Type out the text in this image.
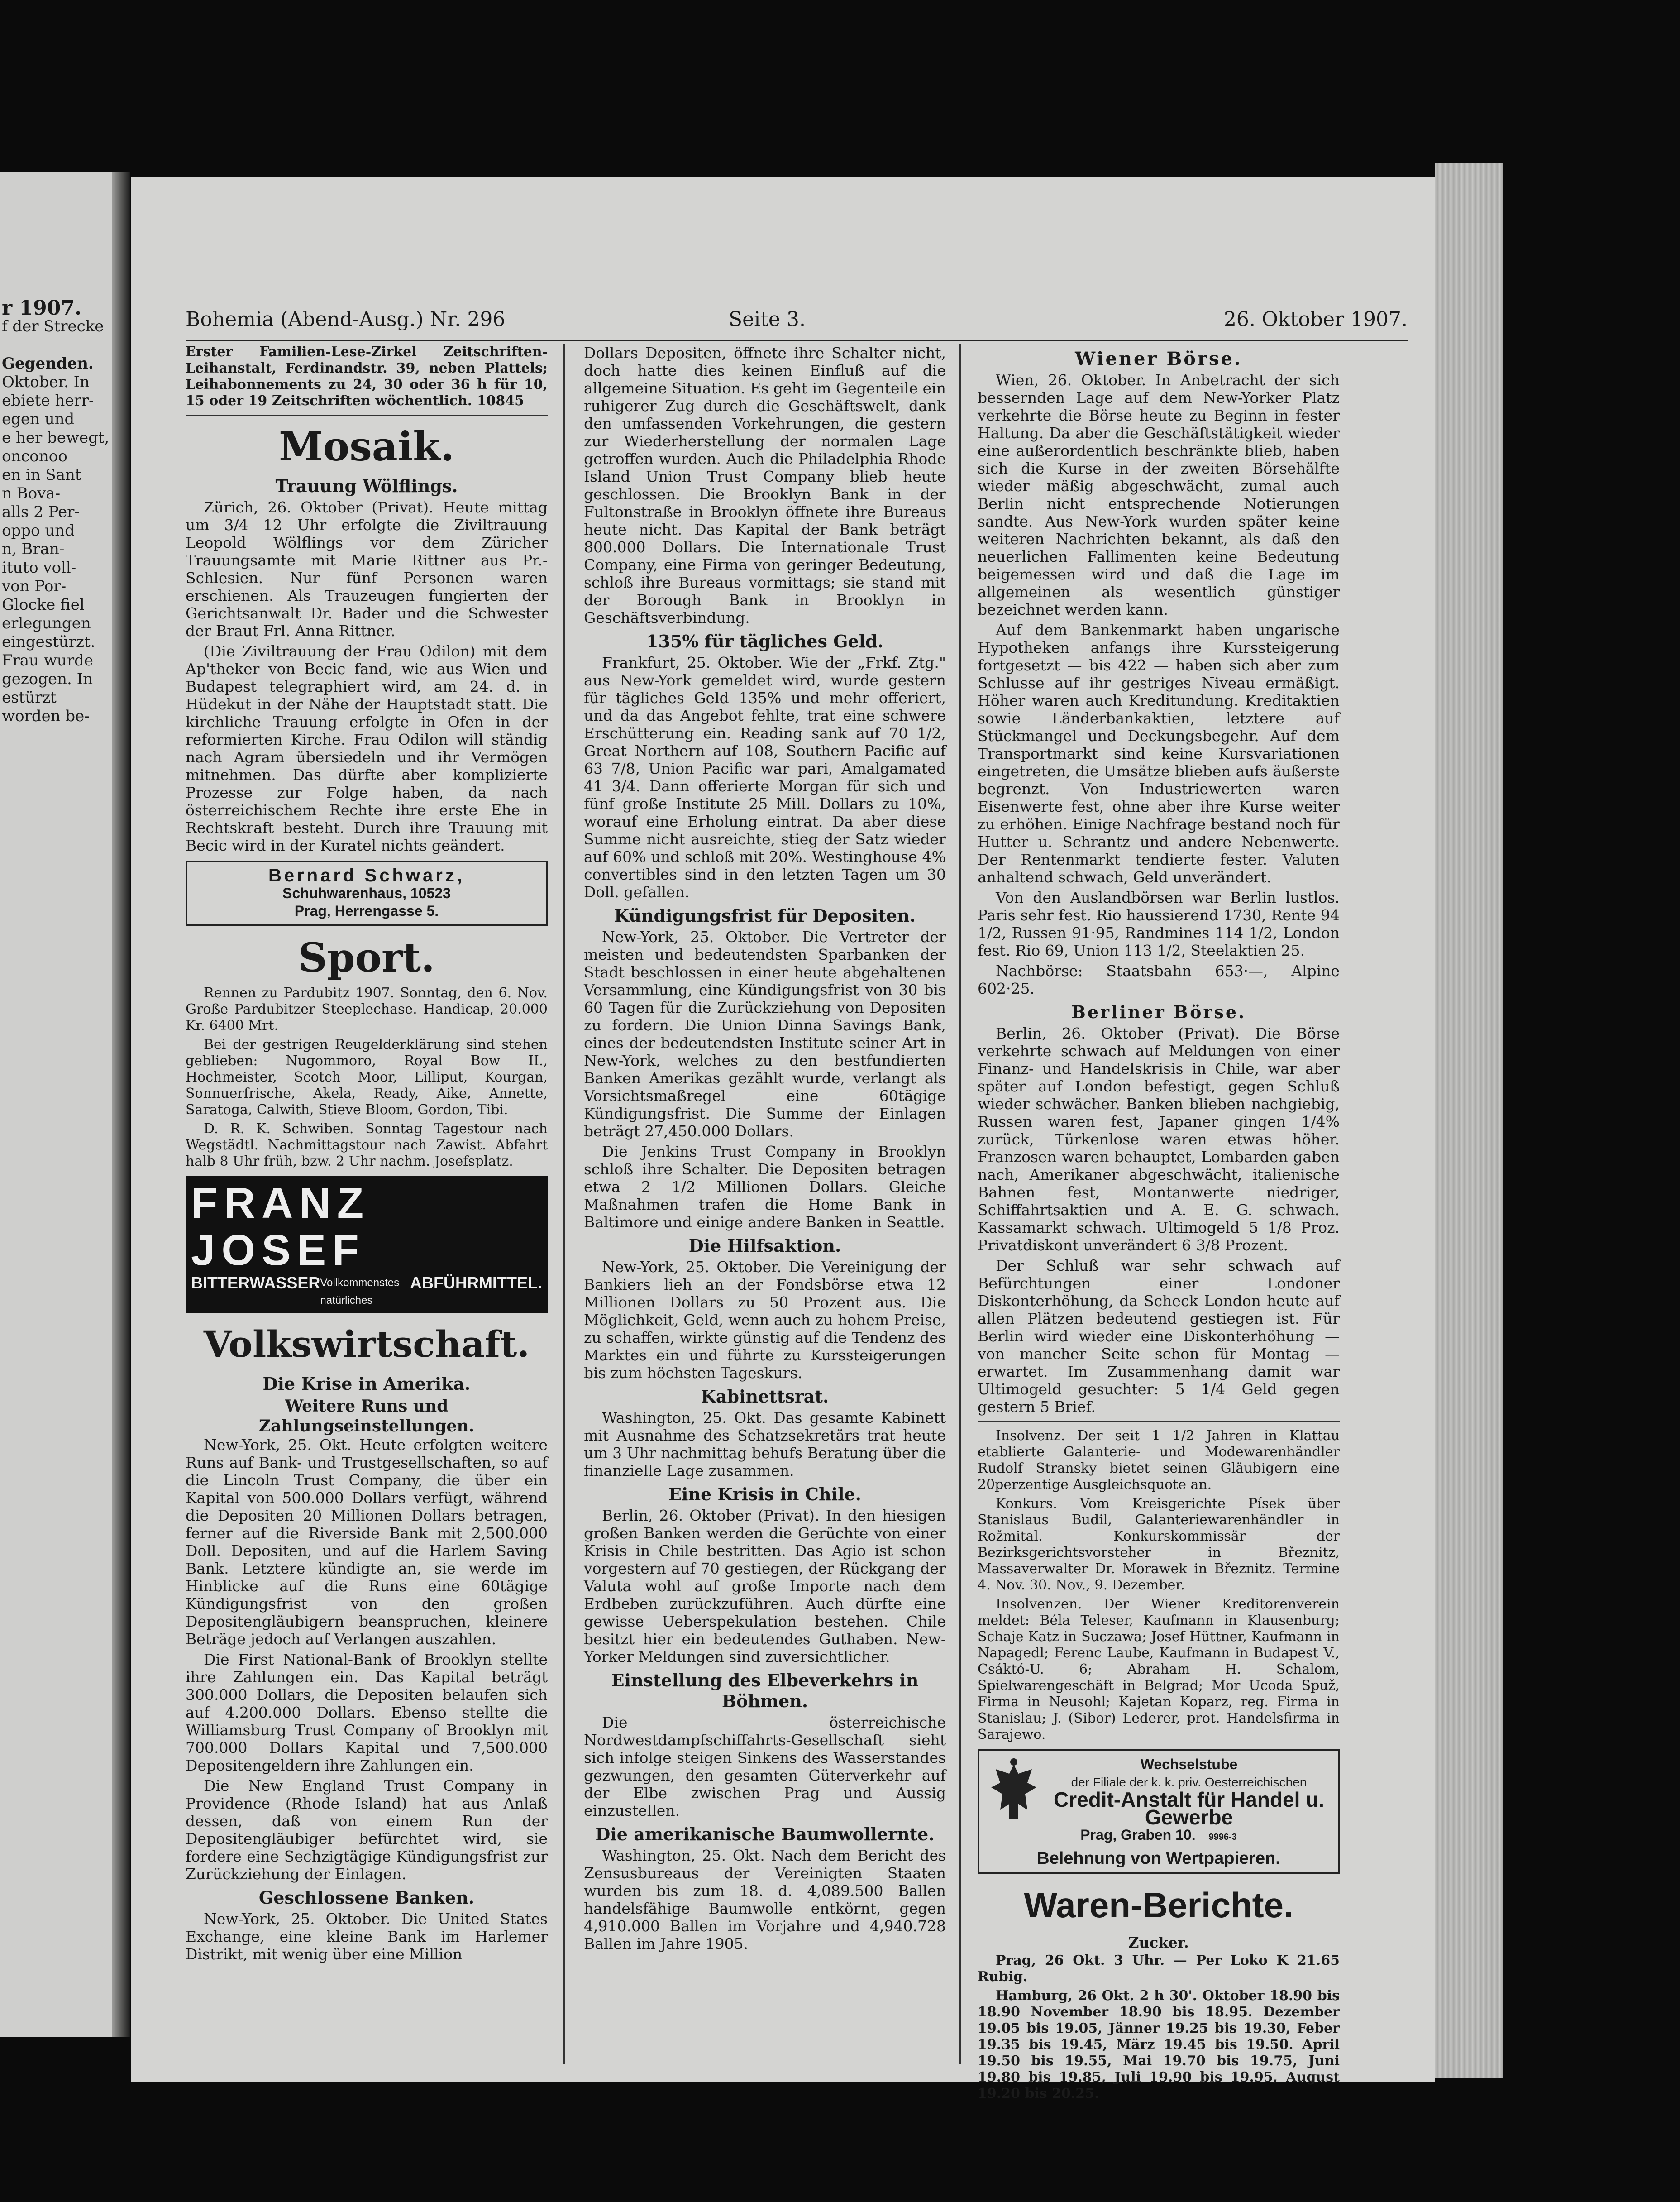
r 1907.
f der Strecke

Gegenden.
Oktober. In
ebiete herr-
egen und
e her bewegt,
onconoo
en in Sant
n Bova-
alls 2 Per-
oppo und
n, Bran-
ituto voll-
von Por-
Glocke fiel
erlegungen
eingestürzt.
Frau wurde
gezogen. In
estürzt
worden be-
Bohemia (Abend-Ausg.) Nr. 296	Seite 3.	26. Oktober 1907.
Erster Familien-Lese-Zirkel Zeitschriften-Leihanstalt, Ferdinandstr. 39, neben Plattels; Leihabonnements zu 24, 30 oder 36 h für 10, 15 oder 19 Zeitschriften wöchentlich. 10845
Mosaik.
Trauung Wölflings.

Zürich, 26. Oktober (Privat). Heute mittag um 3/4 12 Uhr erfolgte die Ziviltrauung Leopold Wölflings vor dem Züricher Trauungsamte mit Marie Rittner aus Pr.-Schlesien. Nur fünf Personen waren erschienen. Als Trauzeugen fungierten der Gerichtsanwalt Dr. Bader und die Schwester der Braut Frl. Anna Rittner.

(Die Ziviltrauung der Frau Odilon) mit dem Ap'theker von Becic fand, wie aus Wien und Budapest telegraphiert wird, am 24. d. in Hüdekut in der Nähe der Hauptstadt statt. Die kirchliche Trauung erfolgte in Ofen in der reformierten Kirche. Frau Odilon will ständig nach Agram übersiedeln und ihr Vermögen mitnehmen. Das dürfte aber komplizierte Prozesse zur Folge haben, da nach österreichischem Rechte ihre erste Ehe in Rechtskraft besteht. Durch ihre Trauung mit Becic wird in der Kuratel nichts geändert.

Bernard Schwarz,
Schuhwarenhaus, 10523
Prag, Herrengasse 5.
Sport.

Rennen zu Pardubitz 1907. Sonntag, den 6. Nov. Große Pardubitzer Steeplechase. Handicap, 20.000 Kr. 6400 Mrt.

Bei der gestrigen Reugelderklärung sind stehen geblieben: Nugommoro, Royal Bow II., Hochmeister, Scotch Moor, Lilliput, Kourgan, Sonnuerfrische, Akela, Ready, Aike, Annette, Saratoga, Calwith, Stieve Bloom, Gordon, Tibi.

D. R. K. Schwiben. Sonntag Tagestour nach Wegstädtl. Nachmittagstour nach Zawist. Abfahrt halb 8 Uhr früh, bzw. 2 Uhr nachm. Josefsplatz.

FRANZ JOSEF
BITTERWASSER Vollkommenstes natürliches
ABFÜHRMITTEL.
Volkswirtschaft.
Die Krise in Amerika.
Weitere Runs und Zahlungseinstellungen.

New-York, 25. Okt. Heute erfolgten weitere Runs auf Bank- und Trustgesellschaften, so auf die Lincoln Trust Company, die über ein Kapital von 500.000 Dollars verfügt, während die Depositen 20 Millionen Dollars betragen, ferner auf die Riverside Bank mit 2,500.000 Doll. Depositen, und auf die Harlem Saving Bank. Letztere kündigte an, sie werde im Hinblicke auf die Runs eine 60tägige Kündigungsfrist von den großen Depositengläubigern beanspruchen, kleinere Beträge jedoch auf Verlangen auszahlen.

Die First National-Bank of Brooklyn stellte ihre Zahlungen ein. Das Kapital beträgt 300.000 Dollars, die Depositen belaufen sich auf 4.200.000 Dollars. Ebenso stellte die Williamsburg Trust Company of Brooklyn mit 700.000 Dollars Kapital und 7,500.000 Depositengeldern ihre Zahlungen ein.

Die New England Trust Company in Providence (Rhode Island) hat aus Anlaß dessen, daß von einem Run der Depositengläubiger befürchtet wird, sie fordere eine Sechzigtägige Kündigungsfrist zur Zurückziehung der Einlagen.

Geschlossene Banken.

New-York, 25. Oktober. Die United States Exchange, eine kleine Bank im Harlemer Distrikt, mit wenig über eine Million

Dollars Depositen, öffnete ihre Schalter nicht, doch hatte dies keinen Einfluß auf die allgemeine Situation. Es geht im Gegenteile ein ruhigerer Zug durch die Geschäftswelt, dank den umfassenden Vorkehrungen, die gestern zur Wiederherstellung der normalen Lage getroffen wurden. Auch die Philadelphia Rhode Island Union Trust Company blieb heute geschlossen. Die Brooklyn Bank in der Fultonstraße in Brooklyn öffnete ihre Bureaus heute nicht. Das Kapital der Bank beträgt 800.000 Dollars. Die Internationale Trust Company, eine Firma von geringer Bedeutung, schloß ihre Bureaus vormittags; sie stand mit der Borough Bank in Brooklyn in Geschäftsverbindung.

135% für tägliches Geld.

Frankfurt, 25. Oktober. Wie der „Frkf. Ztg." aus New-York gemeldet wird, wurde gestern für tägliches Geld 135% und mehr offeriert, und da das Angebot fehlte, trat eine schwere Erschütterung ein. Reading sank auf 70 1/2, Great Northern auf 108, Southern Pacific auf 63 7/8, Union Pacific war pari, Amalgamated 41 3/4. Dann offerierte Morgan für sich und fünf große Institute 25 Mill. Dollars zu 10%, worauf eine Erholung eintrat. Da aber diese Summe nicht ausreichte, stieg der Satz wieder auf 60% und schloß mit 20%. Westinghouse 4% convertibles sind in den letzten Tagen um 30 Doll. gefallen.

Kündigungsfrist für Depositen.

New-York, 25. Oktober. Die Vertreter der meisten und bedeutendsten Sparbanken der Stadt beschlossen in einer heute abgehaltenen Versammlung, eine Kündigungsfrist von 30 bis 60 Tagen für die Zurückziehung von Depositen zu fordern. Die Union Dinna Savings Bank, eines der bedeutendsten Institute seiner Art in New-York, welches zu den bestfundierten Banken Amerikas gezählt wurde, verlangt als Vorsichtsmaßregel eine 60tägige Kündigungsfrist. Die Summe der Einlagen beträgt 27,450.000 Dollars.

Die Jenkins Trust Company in Brooklyn schloß ihre Schalter. Die Depositen betragen etwa 2 1/2 Millionen Dollars. Gleiche Maßnahmen trafen die Home Bank in Baltimore und einige andere Banken in Seattle.

Die Hilfsaktion.

New-York, 25. Oktober. Die Vereinigung der Bankiers lieh an der Fondsbörse etwa 12 Millionen Dollars zu 50 Prozent aus. Die Möglichkeit, Geld, wenn auch zu hohem Preise, zu schaffen, wirkte günstig auf die Tendenz des Marktes ein und führte zu Kurssteigerungen bis zum höchsten Tageskurs.

Kabinettsrat.

Washington, 25. Okt. Das gesamte Kabinett mit Ausnahme des Schatzsekretärs trat heute um 3 Uhr nachmittag behufs Beratung über die finanzielle Lage zusammen.

Eine Krisis in Chile.

Berlin, 26. Oktober (Privat). In den hiesigen großen Banken werden die Gerüchte von einer Krisis in Chile bestritten. Das Agio ist schon vorgestern auf 70 gestiegen, der Rückgang der Valuta wohl auf große Importe nach dem Erdbeben zurückzuführen. Auch dürfte eine gewisse Ueberspekulation bestehen. Chile besitzt hier ein bedeutendes Guthaben. New-Yorker Meldungen sind zuversichtlicher.

Einstellung des Elbeverkehrs in Böhmen.

Die österreichische Nordwestdampfschiffahrts-Gesellschaft sieht sich infolge steigen Sinkens des Wasserstandes gezwungen, den gesamten Güterverkehr auf der Elbe zwischen Prag und Aussig einzustellen.

Die amerikanische Baumwollernte.

Washington, 25. Okt. Nach dem Bericht des Zensusbureaus der Vereinigten Staaten wurden bis zum 18. d. 4,089.500 Ballen handelsfähige Baumwolle entkörnt, gegen 4,910.000 Ballen im Vorjahre und 4,940.728 Ballen im Jahre 1905.

Wiener Börse.

Wien, 26. Oktober. In Anbetracht der sich bessernden Lage auf dem New-Yorker Platz verkehrte die Börse heute zu Beginn in fester Haltung. Da aber die Geschäftstätigkeit wieder eine außerordentlich beschränkte blieb, haben sich die Kurse in der zweiten Börsehälfte wieder mäßig abgeschwächt, zumal auch Berlin nicht entsprechende Notierungen sandte. Aus New-York wurden später keine weiteren Nachrichten bekannt, als daß den neuerlichen Fallimenten keine Bedeutung beigemessen wird und daß die Lage im allgemeinen als wesentlich günstiger bezeichnet werden kann.

Auf dem Bankenmarkt haben ungarische Hypotheken anfangs ihre Kurssteigerung fortgesetzt — bis 422 — haben sich aber zum Schlusse auf ihr gestriges Niveau ermäßigt. Höher waren auch Kreditundung. Kreditaktien sowie Länderbankaktien, letztere auf Stückmangel und Deckungsbegehr. Auf dem Transportmarkt sind keine Kursvariationen eingetreten, die Umsätze blieben aufs äußerste begrenzt. Von Industriewerten waren Eisenwerte fest, ohne aber ihre Kurse weiter zu erhöhen. Einige Nachfrage bestand noch für Hutter u. Schrantz und andere Nebenwerte. Der Rentenmarkt tendierte fester. Valuten anhaltend schwach, Geld unverändert.

Von den Auslandbörsen war Berlin lustlos. Paris sehr fest. Rio haussierend 1730, Rente 94 1/2, Russen 91·95, Randmines 114 1/2, London fest. Rio 69, Union 113 1/2, Steelaktien 25.

Nachbörse: Staatsbahn 653·—, Alpine 602·25.

Berliner Börse.

Berlin, 26. Oktober (Privat). Die Börse verkehrte schwach auf Meldungen von einer Finanz- und Handelskrisis in Chile, war aber später auf London befestigt, gegen Schluß wieder schwächer. Banken blieben nachgiebig, Russen waren fest, Japaner gingen 1/4% zurück, Türkenlose waren etwas höher. Franzosen waren behauptet, Lombarden gaben nach, Amerikaner abgeschwächt, italienische Bahnen fest, Montanwerte niedriger, Schiffahrtsaktien und A. E. G. schwach. Kassamarkt schwach. Ultimogeld 5 1/8 Proz. Privatdiskont unverändert 6 3/8 Prozent.

Der Schluß war sehr schwach auf Befürchtungen einer Londoner Diskonterhöhung, da Scheck London heute auf allen Plätzen bedeutend gestiegen ist. Für Berlin wird wieder eine Diskonterhöhung — von mancher Seite schon für Montag — erwartet. Im Zusammenhang damit war Ultimogeld gesuchter: 5 1/4 Geld gegen gestern 5 Brief.

Insolvenz. Der seit 1 1/2 Jahren in Klattau etablierte Galanterie- und Modewarenhändler Rudolf Stransky bietet seinen Gläubigern eine 20perzentige Ausgleichsquote an.

Konkurs. Vom Kreisgerichte Písek über Stanislaus Budil, Galanteriewarenhändler in Rožmital. Konkurskommissär der Bezirksgerichtsvorsteher in Březnitz, Massaverwalter Dr. Morawek in Březnitz. Termine 4. Nov. 30. Nov., 9. Dezember.

Insolvenzen. Der Wiener Kreditorenverein meldet: Béla Teleser, Kaufmann in Klausenburg; Schaje Katz in Suczawa; Josef Hüttner, Kaufmann in Napagedl; Ferenc Laube, Kaufmann in Budapest V., Csáktó-U. 6; Abraham H. Schalom, Spielwarengeschäft in Belgrad; Mor Ucoda Spuž, Firma in Neusohl; Kajetan Koparz, reg. Firma in Stanislau; J. (Sibor) Lederer, prot. Handelsfirma in Sarajewo.

Wechselstube
der Filiale der k. k. priv. Oesterreichischen
Credit-Anstalt für Handel u. Gewerbe
Prag, Graben 10. 9996-3
Belehnung von Wertpapieren.
Waren-Berichte.
Zucker.

Prag, 26 Okt. 3 Uhr. — Per Loko K 21.65 Rubig.

Hamburg, 26 Okt. 2 h 30'. Oktober 18.90 bis 18.90 November 18.90 bis 18.95. Dezember 19.05 bis 19.05, Jänner 19.25 bis 19.30, Feber 19.35 bis 19.45, März 19.45 bis 19.50. April 19.50 bis 19.55, Mai 19.70 bis 19.75, Juni 19.80 bis 19.85, Juli 19.90 bis 19.95, August 19.20 bis 20.25.
